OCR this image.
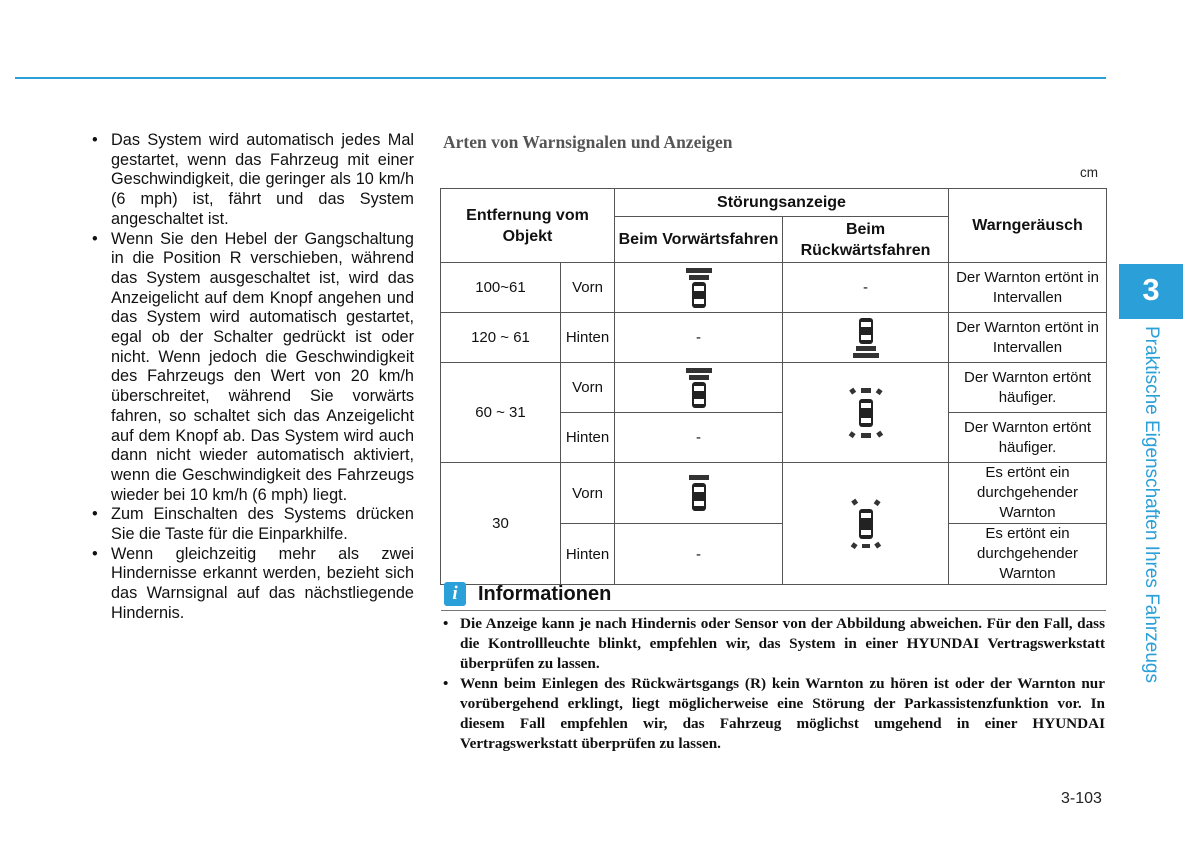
• Das System wird automatisch jedes Mal gestartet, wenn das Fahrzeug mit einer Geschwindigkeit, die geringer als 10 km/h (6 mph) ist, fährt und das System angeschaltet ist.
• Wenn Sie den Hebel der Gangschaltung in die Position R verschieben, während das System ausgeschaltet ist, wird das Anzeigelicht auf dem Knopf angehen und das System wird automatisch gestartet, egal ob der Schalter gedrückt ist oder nicht. Wenn jedoch die Geschwindigkeit des Fahrzeugs den Wert von 20 km/h überschreitet, während Sie vorwärts fahren, so schaltet sich das Anzeigelicht auf dem Knopf ab. Das System wird auch dann nicht wieder automatisch aktiviert, wenn die Geschwindigkeit des Fahrzeugs wieder bei 10 km/h (6 mph) liegt.
• Zum Einschalten des Systems drücken Sie die Taste für die Einparkhilfe.
• Wenn gleichzeitig mehr als zwei Hindernisse erkannt werden, bezieht sich das Warnsignal auf das nächstliegende Hindernis.
Arten von Warnsignalen und Anzeigen
cm
Entfernung vom Objekt		Störungsanzeige		Warngeräusch
		Beim Vorwärtsfahren	Beim Rückwärtsfahren	
100~61	Vorn		-	Der Warnton ertönt in Intervallen
120 ~ 61	Hinten	-		Der Warnton ertönt in Intervallen
60 ~ 31	Vorn			Der Warnton ertönt häufiger.
	Hinten	-		Der Warnton ertönt häufiger.
30	Vorn			Es ertönt ein durchgehender Warnton
	Hinten	-		Es ertönt ein durchgehender Warnton
i	Informationen
• Die Anzeige kann je nach Hindernis oder Sensor von der Abbildung abweichen. Für den Fall, dass die Kontrollleuchte blinkt, empfehlen wir, das System in einer HYUNDAI Vertragswerkstatt überprüfen zu lassen.
• Wenn beim Einlegen des Rückwärtsgangs (R) kein Warnton zu hören ist oder der Warnton nur vorübergehend erklingt, liegt möglicherweise eine Störung der Parkassistenzfunktion vor. In diesem Fall empfehlen wir, das Fahrzeug möglichst umgehend in einer HYUNDAI Vertragswerkstatt überprüfen zu lassen.
3
Praktische Eigenschaften Ihres Fahrzeugs
3-103
